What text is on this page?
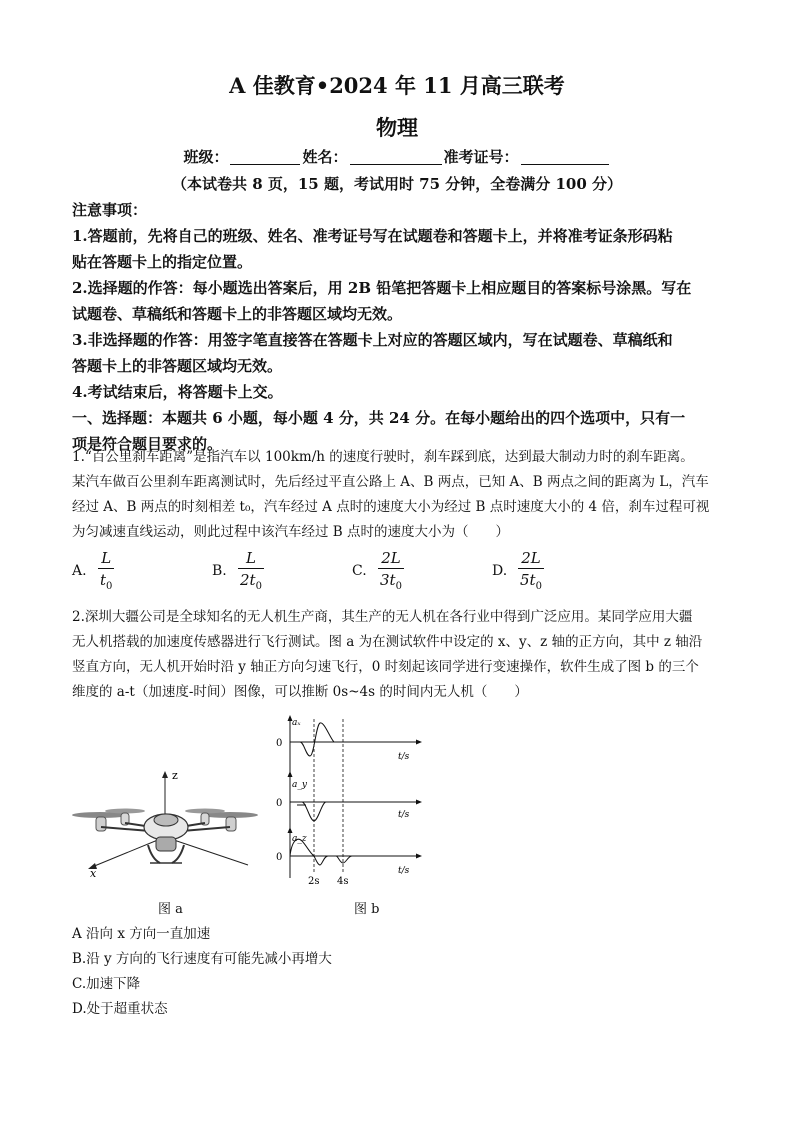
A 佳教育•2024 年 11 月高三联考
物理
班级：	姓名：	准考证号：
（本试卷共 8 页，15 题，考试用时 75 分钟，全卷满分 100 分）

注意事项：

1.答题前，先将自己的班级、姓名、准考证号写在试题卷和答题卡上，并将准考证条形码粘

贴在答题卡上的指定位置。

2.选择题的作答：每小题选出答案后，用 2B 铅笔把答题卡上相应题目的答案标号涂黑。写在

试题卷、草稿纸和答题卡上的非答题区域均无效。

3.非选择题的作答：用签字笔直接答在答题卡上对应的答题区域内，写在试题卷、草稿纸和

答题卡上的非答题区域均无效。

4.考试结束后，将答题卡上交。

一、选择题：本题共 6 小题，每小题 4 分，共 24 分。在每小题给出的四个选项中，只有一

项是符合题目要求的。

1.“百公里刹车距离”是指汽车以 100km/h 的速度行驶时，刹车踩到底，达到最大制动力时的刹车距离。

某汽车做百公里刹车距离测试时，先后经过平直公路上 A、B 两点，已知 A、B 两点之间的距离为 L，汽车

经过 A、B 两点的时刻相差 t₀，汽车经过 A 点时的速度大小为经过 B 点时速度大小的 4 倍，刹车过程可视

为匀减速直线运动，则此过程中该汽车经过 B 点时的速度大小为（　　）

A.
L
$t_0$
B.
L
$2t_0$
C.
2L
$3t_0$
D.
2L
$5t_0$

2.深圳大疆公司是全球知名的无人机生产商，其生产的无人机在各行业中得到广泛应用。某同学应用大疆

无人机搭载的加速度传感器进行飞行测试。图 a 为在测试软件中设定的 x、y、z 轴的正方向，其中 z 轴沿

竖直方向，无人机开始时沿 y 轴正方向匀速飞行，0 时刻起该同学进行变速操作，软件生成了图 b 的三个

维度的 a-t（加速度-时间）图像，可以推断 0s~4s 的时间内无人机（　　）

z
x
图 a
aₓ
0
t/s
a_y
0
t/s
a_z
0
t/s
2s 4s
图 b
A 沿向 x 方向一直加速
B.沿 y 方向的飞行速度有可能先减小再增大
C.加速下降
D.处于超重状态
